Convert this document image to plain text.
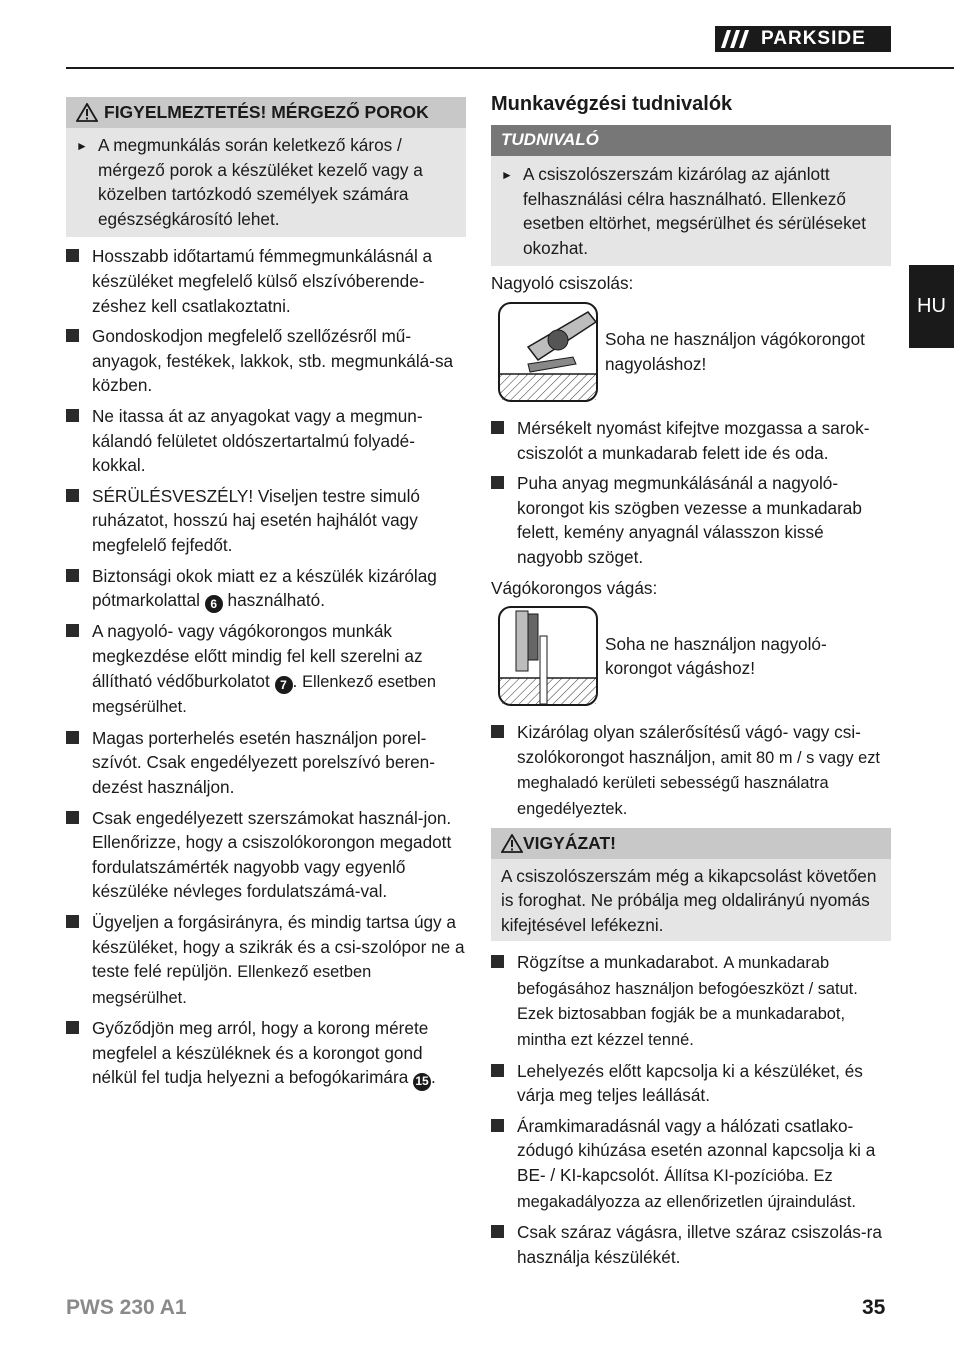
PARKSIDE
HU
FIGYELMEZTETÉS! MÉRGEZŐ POROK
► A megmunkálás során keletkező káros / mérgező porok a készüléket kezelő vagy a közelben tartózkodó személyek számára egészségkárosító lehet.
Hosszabb időtartamú fémmegmunkálásnál a készüléket megfelelő külső elszívóberende-zéshez kell csatlakoztatni.
Gondoskodjon megfelelő szellőzésről mű-anyagok, festékek, lakkok, stb. megmunkálá-sa közben.
Ne itassa át az anyagokat vagy a megmun-kálandó felületet oldószertartalmú folyadé-kokkal.
SÉRÜLÉSVESZÉLY! Viseljen testre simuló ruházatot, hosszú haj esetén hajhálót vagy megfelelő fejfedőt.
Biztonsági okok miatt ez a készülék kizárólag pótmarkolattal 6 használható.
A nagyoló- vagy vágókorongos munkák megkezdése előtt mindig fel kell szerelni az állítható védőburkolatot 7 . Ellenkező esetben megsérülhet.
Magas porterhelés esetén használjon porel-szívót. Csak engedélyezett porelszívó beren-dezést használjon.
Csak engedélyezett szerszámokat használ-jon. Ellenőrizze, hogy a csiszolókorongon megadott fordulatszámérték nagyobb vagy egyenlő készüléke névleges fordulatszámá-val.
Ügyeljen a forgásirányra, és mindig tartsa úgy a készüléket, hogy a szikrák és a csi-szolópor ne a teste felé repüljön. Ellenkező esetben megsérülhet.
Győződjön meg arról, hogy a korong mérete megfelel a készüléknek és a korongot gond nélkül fel tudja helyezni a befogókarimára 15 .
Munkavégzési tudnivalók
TUDNIVALÓ
► A csiszolószerszám kizárólag az ajánlott felhasználási célra használható. Ellenkező esetben eltörhet, megsérülhet és sérüléseket okozhat.
Nagyoló csiszolás:
Soha ne használjon vágókorongot nagyoláshoz!
Mérsékelt nyomást kifejtve mozgassa a sarok-csiszolót a munkadarab felett ide és oda.
Puha anyag megmunkálásánál a nagyoló-korongot kis szögben vezesse a munkadarab felett, kemény anyagnál válasszon kissé nagyobb szöget.
Vágókorongos vágás:
Soha ne használjon nagyoló-korongot vágáshoz!
Kizárólag olyan szálerősítésű vágó- vagy csi-szolókorongot használjon, amit 80 m / s vagy ezt meghaladó kerületi sebességű használatra engedélyeztek.
VIGYÁZAT!
A csiszolószerszám még a kikapcsolást követően is foroghat. Ne próbálja meg oldalirányú nyomás kifejtésével lefékezni.
Rögzítse a munkadarabot. A munkadarab befogásához használjon befogóeszközt / satut. Ezek biztosabban fogják be a munkadarabot, mintha ezt kézzel tenné.
Lehelyezés előtt kapcsolja ki a készüléket, és várja meg teljes leállását.
Áramkimaradásnál vagy a hálózati csatlako-zódugó kihúzása esetén azonnal kapcsolja ki a BE- / KI-kapcsolót. Állítsa KI-pozícióba. Ez megakadályozza az ellenőrizetlen újraindulást.
Csak száraz vágásra, illetve száraz csiszolás-ra használja készülékét.
PWS 230 A1	35
